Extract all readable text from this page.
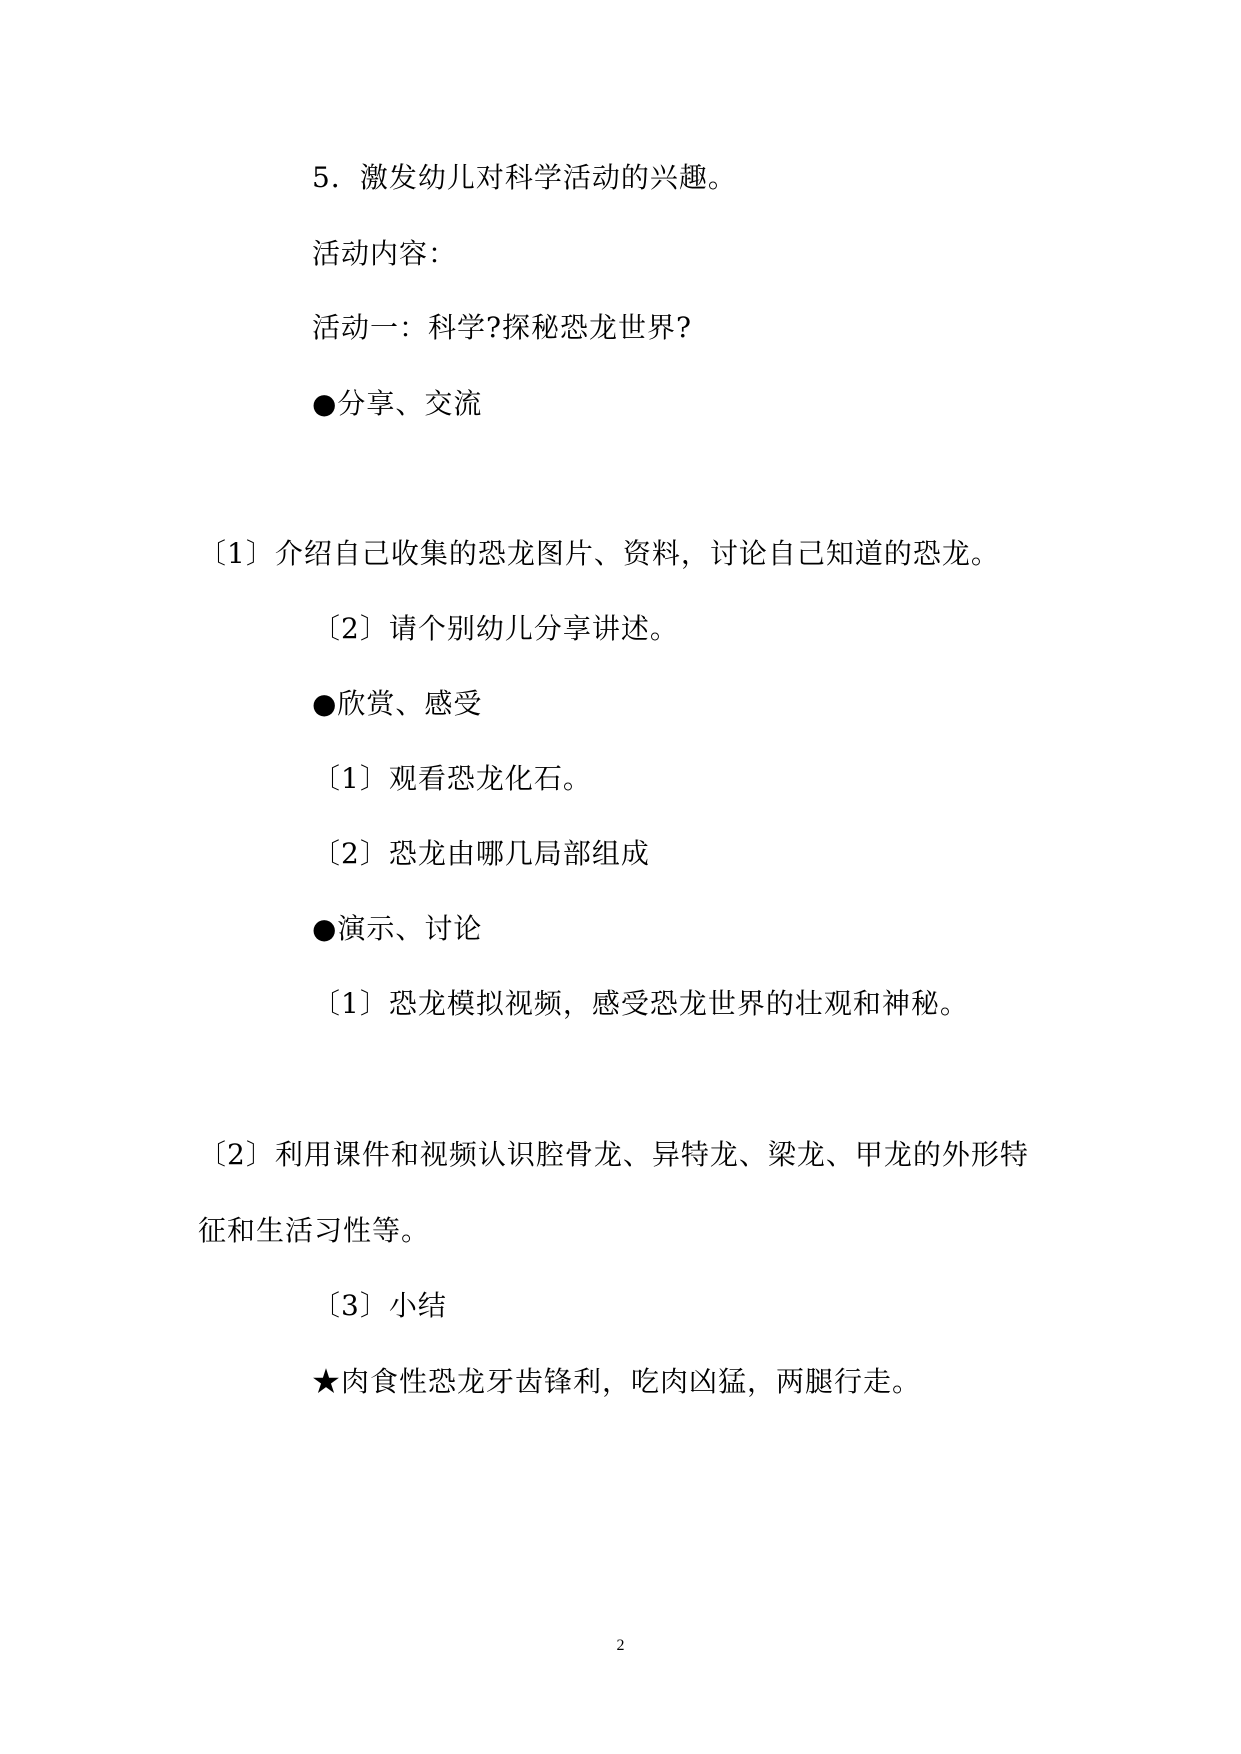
5．激发幼儿对科学活动的兴趣。
活动内容：
活动一：科学?探秘恐龙世界?
●分享、交流
〔1〕介绍自己收集的恐龙图片、资料，讨论自己知道的恐龙。
〔2〕请个别幼儿分享讲述。
●欣赏、感受
〔1〕观看恐龙化石。
〔2〕恐龙由哪几局部组成
●演示、讨论
〔1〕恐龙模拟视频，感受恐龙世界的壮观和神秘。
〔2〕利用课件和视频认识腔骨龙、异特龙、梁龙、甲龙的外形特
征和生活习性等。
〔3〕小结
★肉食性恐龙牙齿锋利，吃肉凶猛，两腿行走。
2
